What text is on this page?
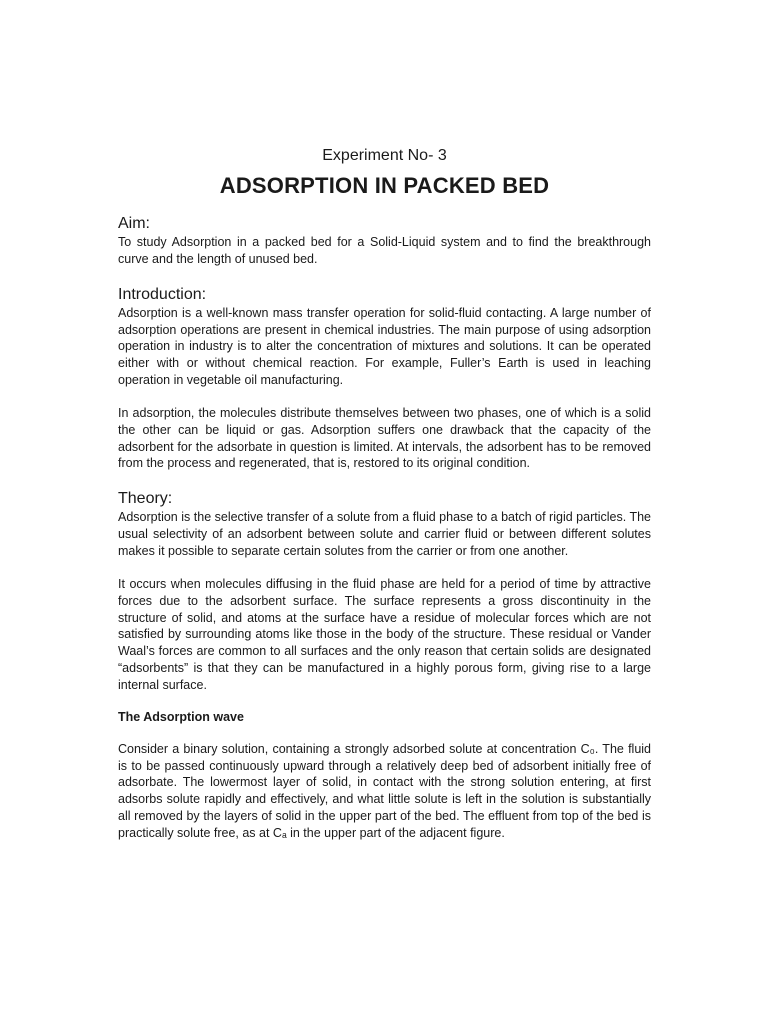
Experiment No- 3
ADSORPTION IN PACKED BED
Aim:

To study Adsorption in a packed bed for a Solid-Liquid system and to find the breakthrough curve and the length of unused bed.

Introduction:

Adsorption is a well-known mass transfer operation for solid-fluid contacting. A large number of adsorption operations are present in chemical industries. The main purpose of using adsorption operation in industry is to alter the concentration of mixtures and solutions. It can be operated either with or without chemical reaction. For example, Fuller’s Earth is used in leaching operation in vegetable oil manufacturing.

In adsorption, the molecules distribute themselves between two phases, one of which is a solid the other can be liquid or gas. Adsorption suffers one drawback that the capacity of the adsorbent for the adsorbate in question is limited. At intervals, the adsorbent has to be removed from the process and regenerated, that is, restored to its original condition.

Theory:

Adsorption is the selective transfer of a solute from a fluid phase to a batch of rigid particles. The usual selectivity of an adsorbent between solute and carrier fluid or between different solutes makes it possible to separate certain solutes from the carrier or from one another.

It occurs when molecules diffusing in the fluid phase are held for a period of time by attractive forces due to the adsorbent surface. The surface represents a gross discontinuity in the structure of solid, and atoms at the surface have a residue of molecular forces which are not satisfied by surrounding atoms like those in the body of the structure. These residual or Vander Waal’s forces are common to all surfaces and the only reason that certain solids are designated “adsorbents” is that they can be manufactured in a highly porous form, giving rise to a large internal surface.

The Adsorption wave

Consider a binary solution, containing a strongly adsorbed solute at concentration C₀. The fluid is to be passed continuously upward through a relatively deep bed of adsorbent initially free of adsorbate. The lowermost layer of solid, in contact with the strong solution entering, at first adsorbs solute rapidly and effectively, and what little solute is left in the solution is substantially all removed by the layers of solid in the upper part of the bed. The effluent from top of the bed is practically solute free, as at Cₐ in the upper part of the adjacent figure.
